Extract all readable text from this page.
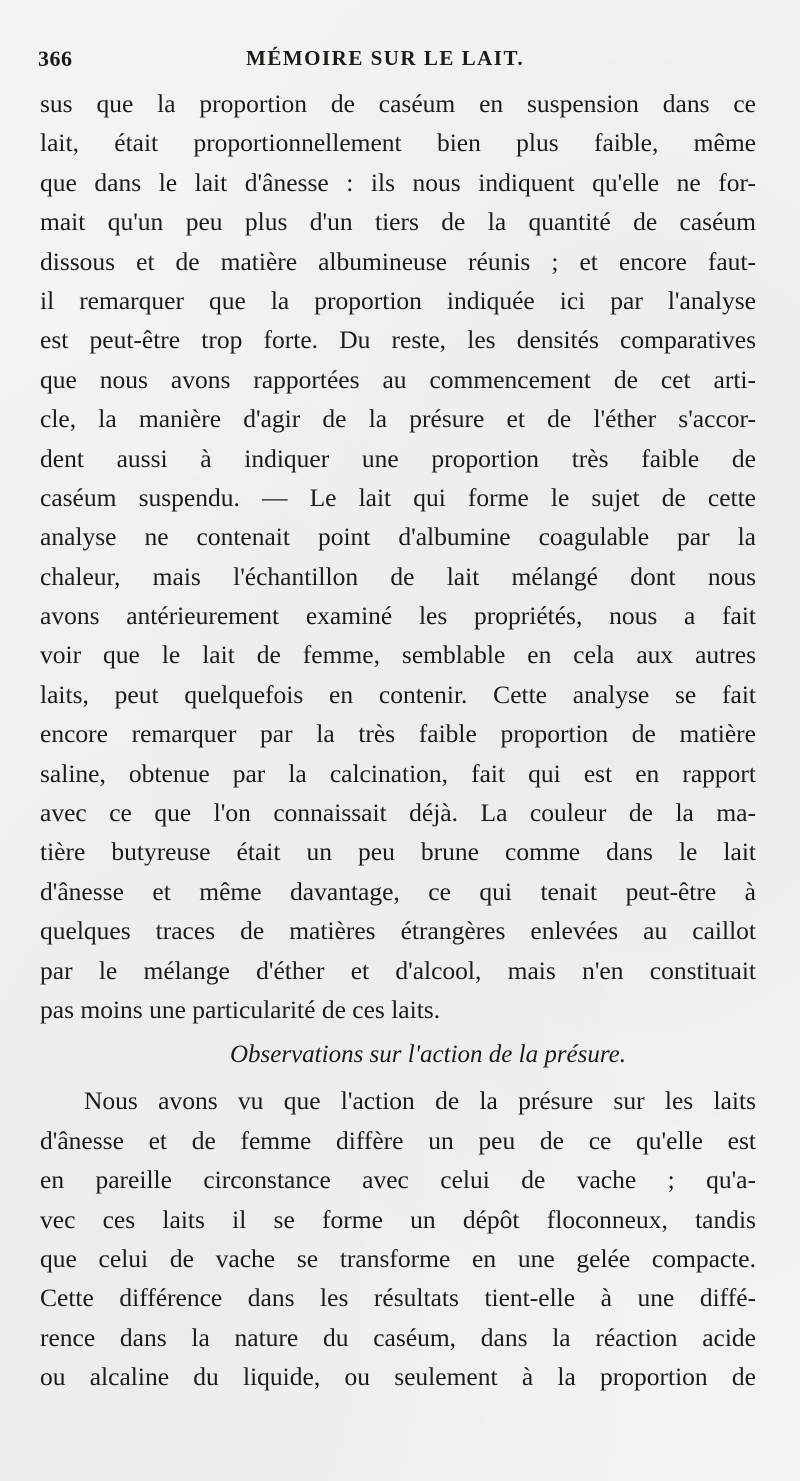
366	MÉMOIRE SUR LE LAIT.
sus que la proportion de caséum en suspension dans ce
lait, était proportionnellement bien plus faible, même
que dans le lait d'ânesse : ils nous indiquent qu'elle ne for-
mait qu'un peu plus d'un tiers de la quantité de caséum
dissous et de matière albumineuse réunis ; et encore faut-
il remarquer que la proportion indiquée ici par l'analyse
est peut-être trop forte. Du reste, les densités comparatives
que nous avons rapportées au commencement de cet arti-
cle, la manière d'agir de la présure et de l'éther s'accor-
dent aussi à indiquer une proportion très faible de
caséum suspendu. — Le lait qui forme le sujet de cette
analyse ne contenait point d'albumine coagulable par la
chaleur, mais l'échantillon de lait mélangé dont nous
avons antérieurement examiné les propriétés, nous a fait
voir que le lait de femme, semblable en cela aux autres
laits, peut quelquefois en contenir. Cette analyse se fait
encore remarquer par la très faible proportion de matière
saline, obtenue par la calcination, fait qui est en rapport
avec ce que l'on connaissait déjà. La couleur de la ma-
tière butyreuse était un peu brune comme dans le lait
d'ânesse et même davantage, ce qui tenait peut-être à
quelques traces de matières étrangères enlevées au caillot
par le mélange d'éther et d'alcool, mais n'en constituait
pas moins une particularité de ces laits.
Observations sur l'action de la présure.
Nous avons vu que l'action de la présure sur les laits
d'ânesse et de femme diffère un peu de ce qu'elle est
en pareille circonstance avec celui de vache ; qu'a-
vec ces laits il se forme un dépôt floconneux, tandis
que celui de vache se transforme en une gelée compacte.
Cette différence dans les résultats tient-elle à une diffé-
rence dans la nature du caséum, dans la réaction acide
ou alcaline du liquide, ou seulement à la proportion de
